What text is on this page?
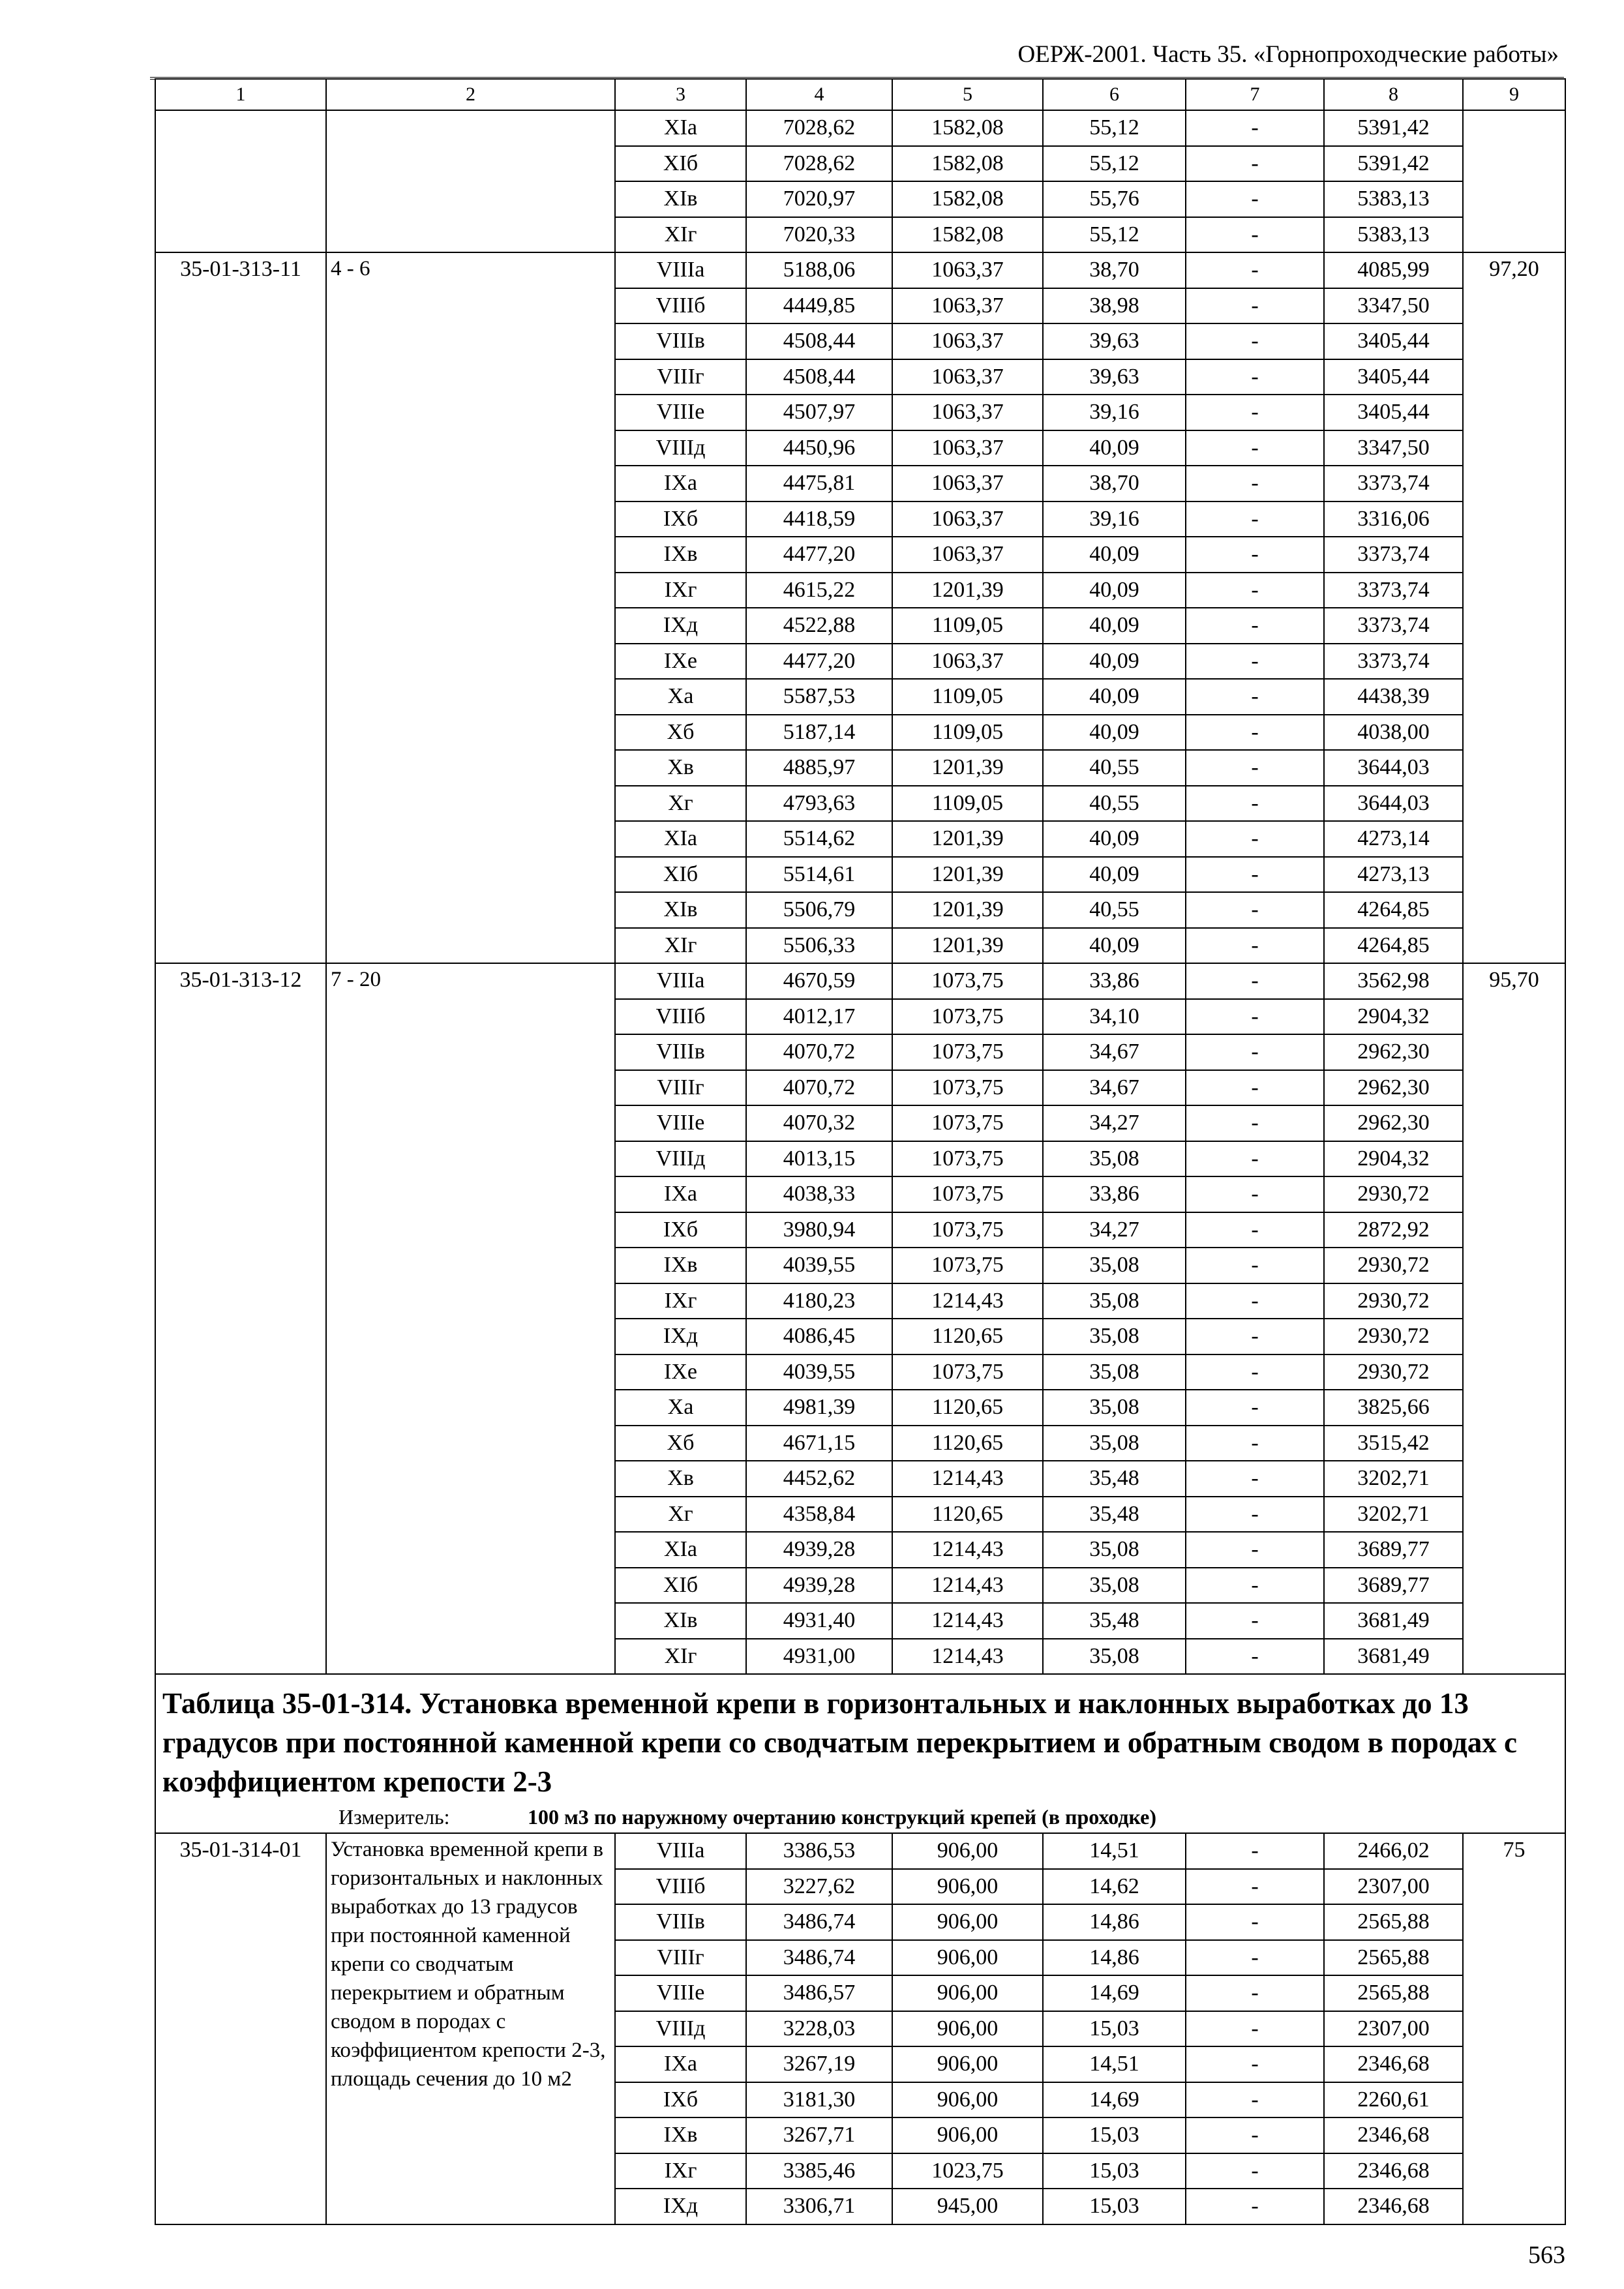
ОЕРЖ-2001. Часть 35. «Горнопроходческие работы»
1	2	3	4	5	6	7	8	9
		XIа	7028,62	1582,08	55,12	-	5391,42	
		XIб	7028,62	1582,08	55,12	-	5391,42	
		XIв	7020,97	1582,08	55,76	-	5383,13	
		XIг	7020,33	1582,08	55,12	-	5383,13	
35-01-313-11	4 - 6	VIIIа	5188,06	1063,37	38,70	-	4085,99	97,20
		VIIIб	4449,85	1063,37	38,98	-	3347,50	
		VIIIв	4508,44	1063,37	39,63	-	3405,44	
		VIIIг	4508,44	1063,37	39,63	-	3405,44	
		VIIIе	4507,97	1063,37	39,16	-	3405,44	
		VIIIд	4450,96	1063,37	40,09	-	3347,50	
		IXа	4475,81	1063,37	38,70	-	3373,74	
		IXб	4418,59	1063,37	39,16	-	3316,06	
		IXв	4477,20	1063,37	40,09	-	3373,74	
		IXг	4615,22	1201,39	40,09	-	3373,74	
		IXд	4522,88	1109,05	40,09	-	3373,74	
		IXе	4477,20	1063,37	40,09	-	3373,74	
		Xа	5587,53	1109,05	40,09	-	4438,39	
		Xб	5187,14	1109,05	40,09	-	4038,00	
		Xв	4885,97	1201,39	40,55	-	3644,03	
		Xг	4793,63	1109,05	40,55	-	3644,03	
		XIа	5514,62	1201,39	40,09	-	4273,14	
		XIб	5514,61	1201,39	40,09	-	4273,13	
		XIв	5506,79	1201,39	40,55	-	4264,85	
		XIг	5506,33	1201,39	40,09	-	4264,85	
35-01-313-12	7 - 20	VIIIа	4670,59	1073,75	33,86	-	3562,98	95,70
		VIIIб	4012,17	1073,75	34,10	-	2904,32	
		VIIIв	4070,72	1073,75	34,67	-	2962,30	
		VIIIг	4070,72	1073,75	34,67	-	2962,30	
		VIIIе	4070,32	1073,75	34,27	-	2962,30	
		VIIIд	4013,15	1073,75	35,08	-	2904,32	
		IXа	4038,33	1073,75	33,86	-	2930,72	
		IXб	3980,94	1073,75	34,27	-	2872,92	
		IXв	4039,55	1073,75	35,08	-	2930,72	
		IXг	4180,23	1214,43	35,08	-	2930,72	
		IXд	4086,45	1120,65	35,08	-	2930,72	
		IXе	4039,55	1073,75	35,08	-	2930,72	
		Xа	4981,39	1120,65	35,08	-	3825,66	
		Xб	4671,15	1120,65	35,08	-	3515,42	
		Xв	4452,62	1214,43	35,48	-	3202,71	
		Xг	4358,84	1120,65	35,48	-	3202,71	
		XIа	4939,28	1214,43	35,08	-	3689,77	
		XIб	4939,28	1214,43	35,08	-	3689,77	
		XIв	4931,40	1214,43	35,48	-	3681,49	
		XIг	4931,00	1214,43	35,08	-	3681,49	

Таблица 35-01-314. Установка временной крепи в горизонтальных и наклонных выработках до 13 градусов при постоянной каменной крепи со сводчатым перекрытием и обратным сводом в породах с коэффициентом крепости 2-3
Измеритель: 100 м3 по наружному очертанию конструкций крепей (в проходке)								

35-01-314-01	Установка временной крепи в горизонтальных и наклонных выработках до 13 градусов при постоянной каменной крепи со сводчатым перекрытием и обратным сводом в породах с коэффициентом крепости 2-3, площадь сечения до 10 м2	VIIIа	3386,53	906,00	14,51	-	2466,02	75
		VIIIб	3227,62	906,00	14,62	-	2307,00	
		VIIIв	3486,74	906,00	14,86	-	2565,88	
		VIIIг	3486,74	906,00	14,86	-	2565,88	
		VIIIе	3486,57	906,00	14,69	-	2565,88	
		VIIIд	3228,03	906,00	15,03	-	2307,00	
		IXа	3267,19	906,00	14,51	-	2346,68	
		IXб	3181,30	906,00	14,69	-	2260,61	
		IXв	3267,71	906,00	15,03	-	2346,68	
		IXг	3385,46	1023,75	15,03	-	2346,68	
		IXд	3306,71	945,00	15,03	-	2346,68	
563
